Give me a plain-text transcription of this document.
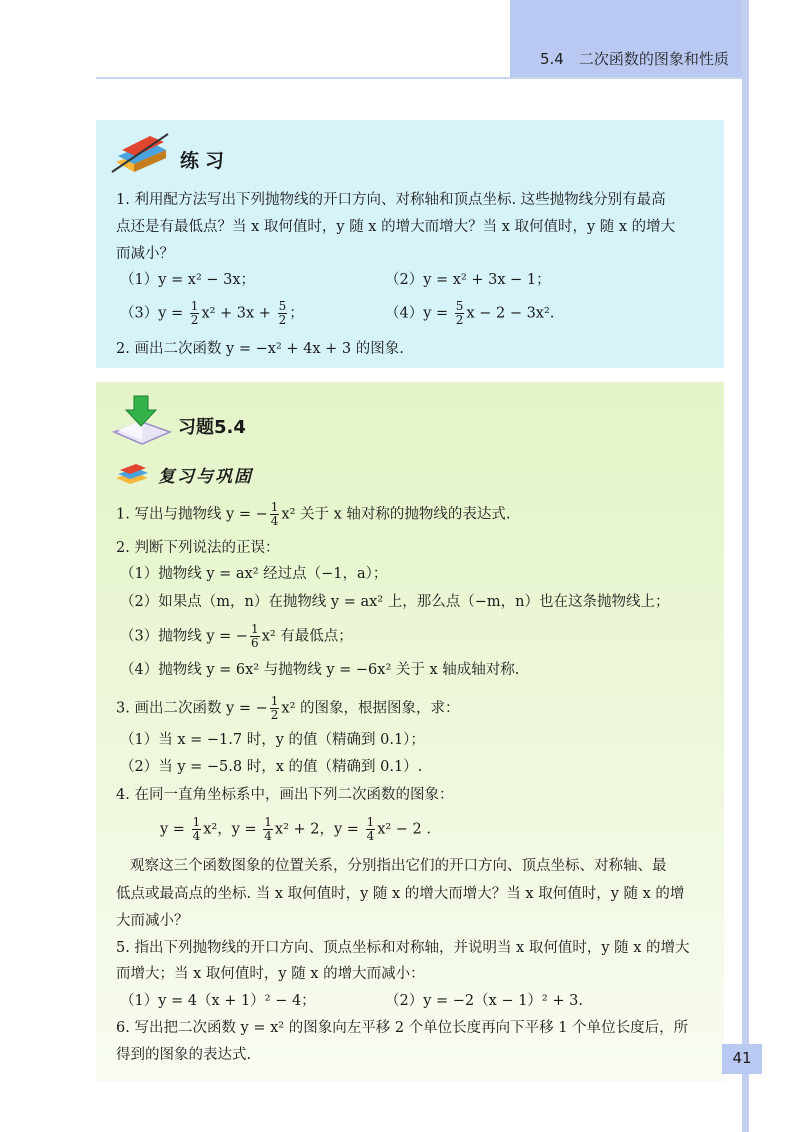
5.4　二次函数的图象和性质
练习
1. 利用配方法写出下列抛物线的开口方向、对称轴和顶点坐标. 这些抛物线分别有最高
点还是有最低点？当 x 取何值时，y 随 x 的增大而增大？当 x 取何值时，y 随 x 的增大
而减小？
（1）y = x² − 3x；	（2）y = x² + 3x − 1；
$(3)y = \frac{1}{2} x^2 + 3x + \frac{5}{2}$ ；	$(4)y = \frac{5}{2}$ x − 2 − 3x².
2. 画出二次函数 y = −x² + 4x + 3 的图象.
习题5.4
复习与巩固
1. 写出与抛物线 y = − $\frac{1}{4} x^2$ 关于 x 轴对称的抛物线的表达式.
2. 判断下列说法的正误：
（1）抛物线 y = ax² 经过点（−1，a）；
（2）如果点（m，n）在抛物线 y = ax² 上，那么点（−m，n）也在这条抛物线上；
（3）抛物线 y = − $\frac{1}{6} x^2$ 有最低点；
（4）抛物线 y = 6x² 与抛物线 y = −6x² 关于 x 轴成轴对称.
3. 画出二次函数 y = − $\frac{1}{2} x^2$ 的图象，根据图象，求：
（1）当 x = −1.7 时，y 的值（精确到 0.1）；
（2）当 y = −5.8 时，x 的值（精确到 0.1）.
4. 在同一直角坐标系中，画出下列二次函数的图象：
$y = \frac{1}{4} x^2$，$y = \frac{1}{4} x^2 + 2$，$y = \frac{1}{4} x^2 - 2$ .
观察这三个函数图象的位置关系，分别指出它们的开口方向、顶点坐标、对称轴、最
低点或最高点的坐标. 当 x 取何值时，y 随 x 的增大而增大？当 x 取何值时，y 随 x 的增
大而减小？
5. 指出下列抛物线的开口方向、顶点坐标和对称轴，并说明当 x 取何值时，y 随 x 的增大
而增大；当 x 取何值时，y 随 x 的增大而减小：
（1）y = 4（x + 1）² − 4；	（2）y = −2（x − 1）² + 3.
6. 写出把二次函数 y = x² 的图象向左平移 2 个单位长度再向下平移 1 个单位长度后，所
得到的图象的表达式.	41
